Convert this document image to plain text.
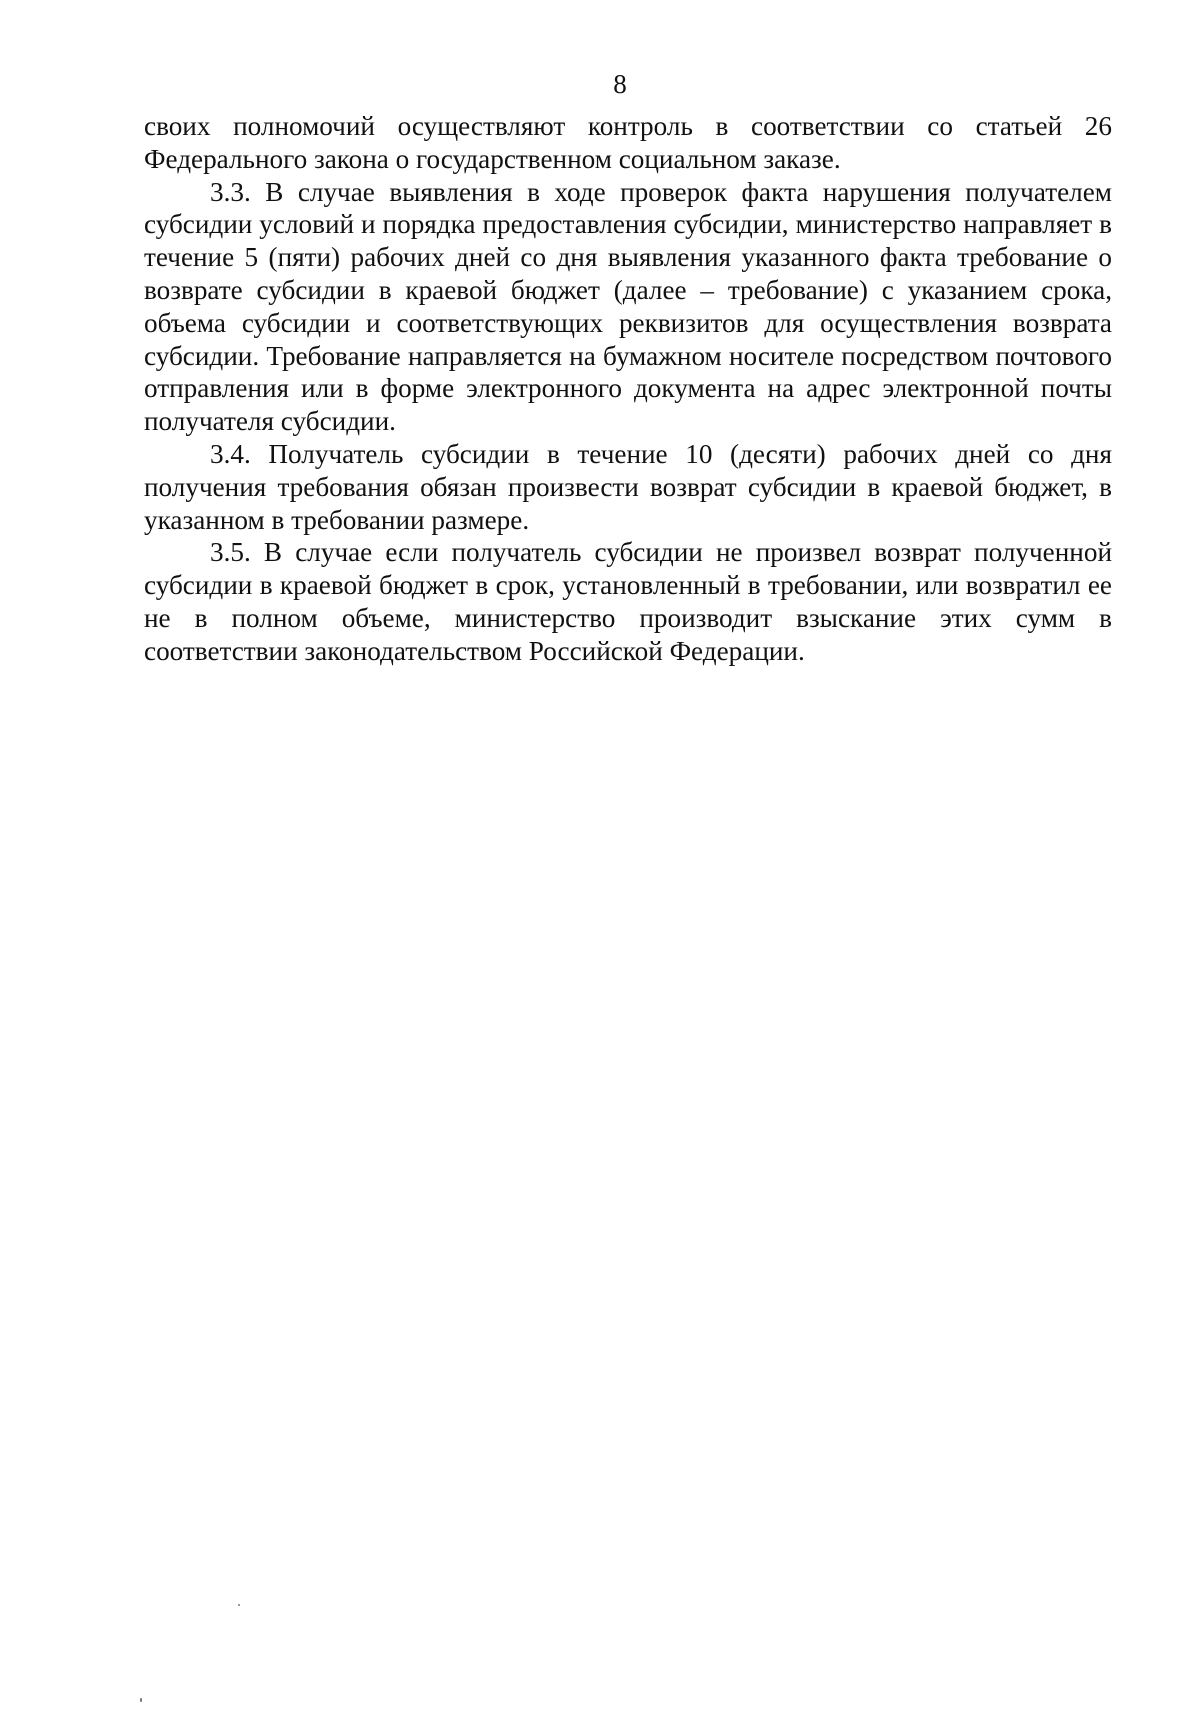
8

своих полномочий осуществляют контроль в соответствии со статьей 26 Федерального закона о государственном социальном заказе.

3.3. В случае выявления в ходе проверок факта нарушения получателем субсидии условий и порядка предоставления субсидии, министерство направляет в течение 5 (пяти) рабочих дней со дня выявления указанного факта требование о возврате субсидии в краевой бюджет (далее – требование) с указанием срока, объема субсидии и соответствующих реквизитов для осуществления возврата субсидии. Требование направляется на бумажном носителе посредством почтового отправления или в форме электронного документа на адрес электронной почты получателя субсидии.

3.4. Получатель субсидии в течение 10 (десяти) рабочих дней со дня получения требования обязан произвести возврат субсидии в краевой бюджет, в указанном в требовании размере.

3.5. В случае если получатель субсидии не произвел возврат полученной субсидии в краевой бюджет в срок, установленный в требовании, или возвратил ее не в полном объеме, министерство производит взыскание этих сумм в соответствии законодательством Российской Федерации.
